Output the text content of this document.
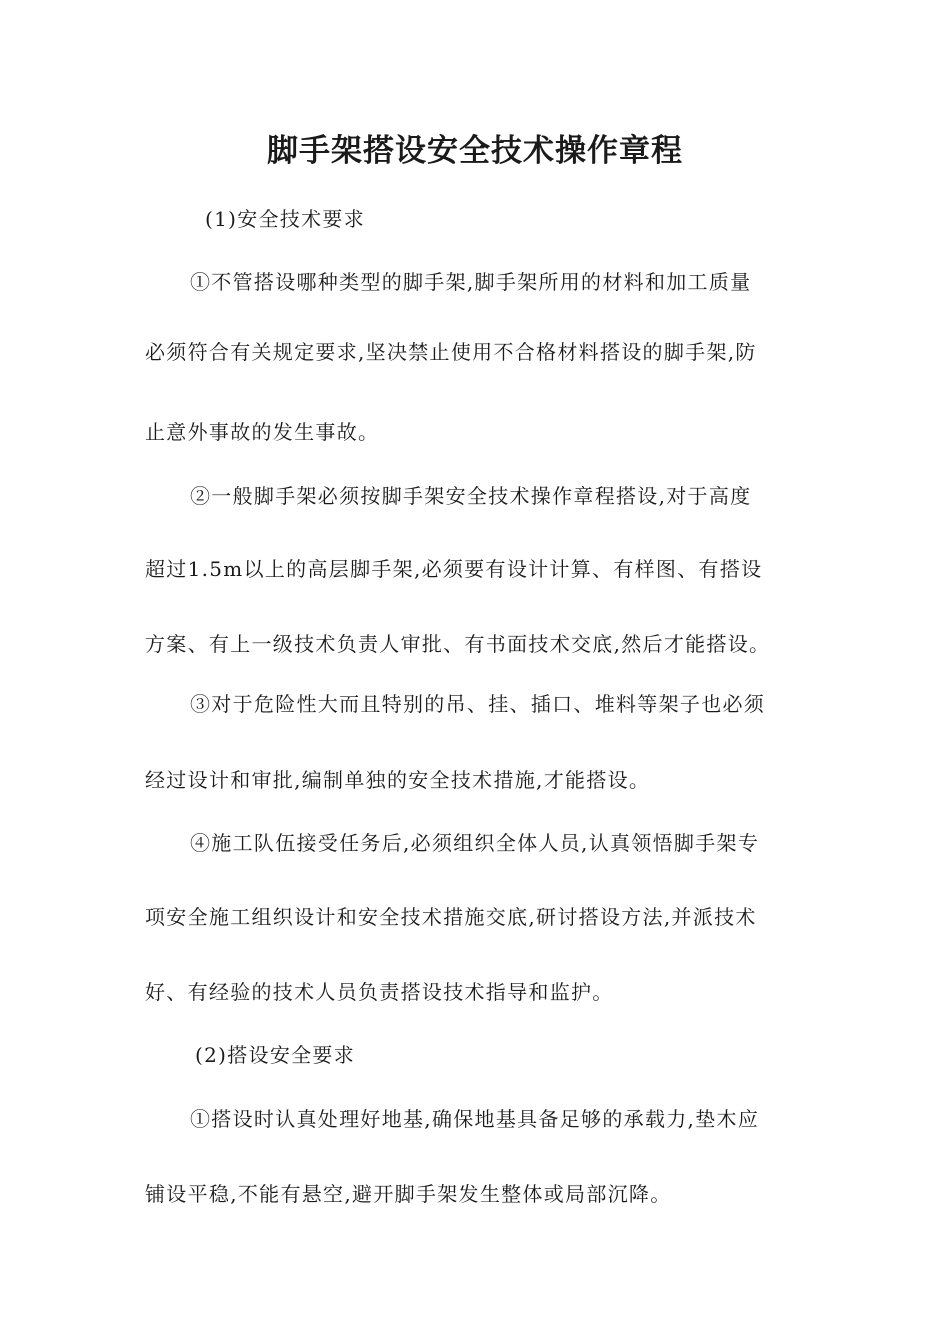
脚手架搭设安全技术操作章程
(1)安全技术要求
①不管搭设哪种类型的脚手架,脚手架所用的材料和加工质量
必须符合有关规定要求,坚决禁止使用不合格材料搭设的脚手架,防
止意外事故的发生事故。
②一般脚手架必须按脚手架安全技术操作章程搭设,对于高度
超过1.5m以上的高层脚手架,必须要有设计计算、有样图、有搭设
方案、有上一级技术负责人审批、有书面技术交底,然后才能搭设。
③对于危险性大而且特别的吊、挂、插口、堆料等架子也必须
经过设计和审批,编制单独的安全技术措施,才能搭设。
④施工队伍接受任务后,必须组织全体人员,认真领悟脚手架专
项安全施工组织设计和安全技术措施交底,研讨搭设方法,并派技术
好、有经验的技术人员负责搭设技术指导和监护。
(2)搭设安全要求
①搭设时认真处理好地基,确保地基具备足够的承载力,垫木应
铺设平稳,不能有悬空,避开脚手架发生整体或局部沉降。
